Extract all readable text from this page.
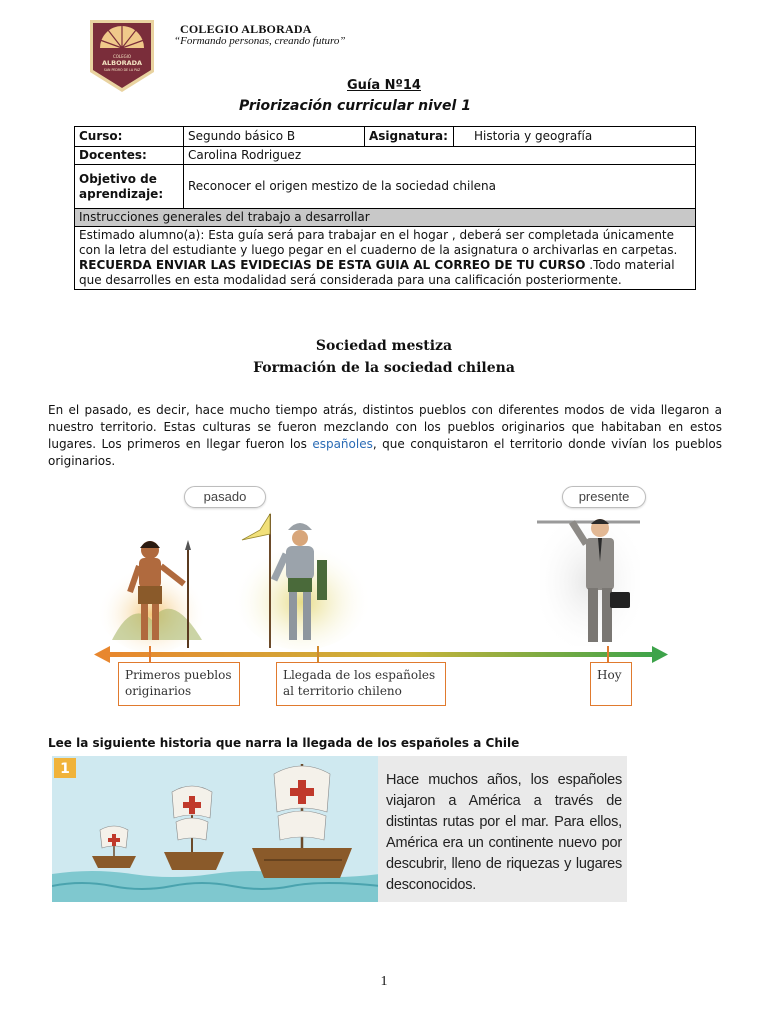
COLEGIO
ALBORADA
SAN PEDRO DE LA PAZ
COLEGIO ALBORADA
“Formando personas, creando futuro”
Guía Nº14
Priorización curricular nivel 1
Curso:	Segundo básico B	Asignatura:	Historia y geografía
Docentes:	Carolina Rodriguez		
Objetivo de aprendizaje:	Reconocer el origen mestizo de la sociedad chilena		
Instrucciones generales del trabajo a desarrollar			
Estimado alumno(a): Esta guía será para trabajar en el hogar , deberá ser completada únicamente con la letra del estudiante y luego pegar en el cuaderno de la asignatura o archivarlas en carpetas. RECUERDA ENVIAR LAS EVIDECIAS DE ESTA GUIA AL CORREO DE TU CURSO .Todo material que desarrolles en esta modalidad será considerada para una calificación posteriormente.			
Sociedad mestiza
Formación de la sociedad chilena
En el pasado, es decir, hace mucho tiempo atrás, distintos pueblos con diferentes modos de vida llegaron a nuestro territorio. Estas culturas se fueron mezclando con los pueblos originarios que habitaban en estos lugares. Los primeros en llegar fueron los españoles, que conquistaron el territorio donde vivían los pueblos originarios.
pasado	presente
Primeros pueblos originarios
Llegada de los españoles al territorio chileno
Hoy
Lee la siguiente historia que narra la llegada de los españoles a Chile
1
Hace muchos años, los españoles viajaron a América a través de distintas rutas por el mar. Para ellos, América era un continente nuevo por descubrir, lleno de riquezas y lugares desconocidos.
1
